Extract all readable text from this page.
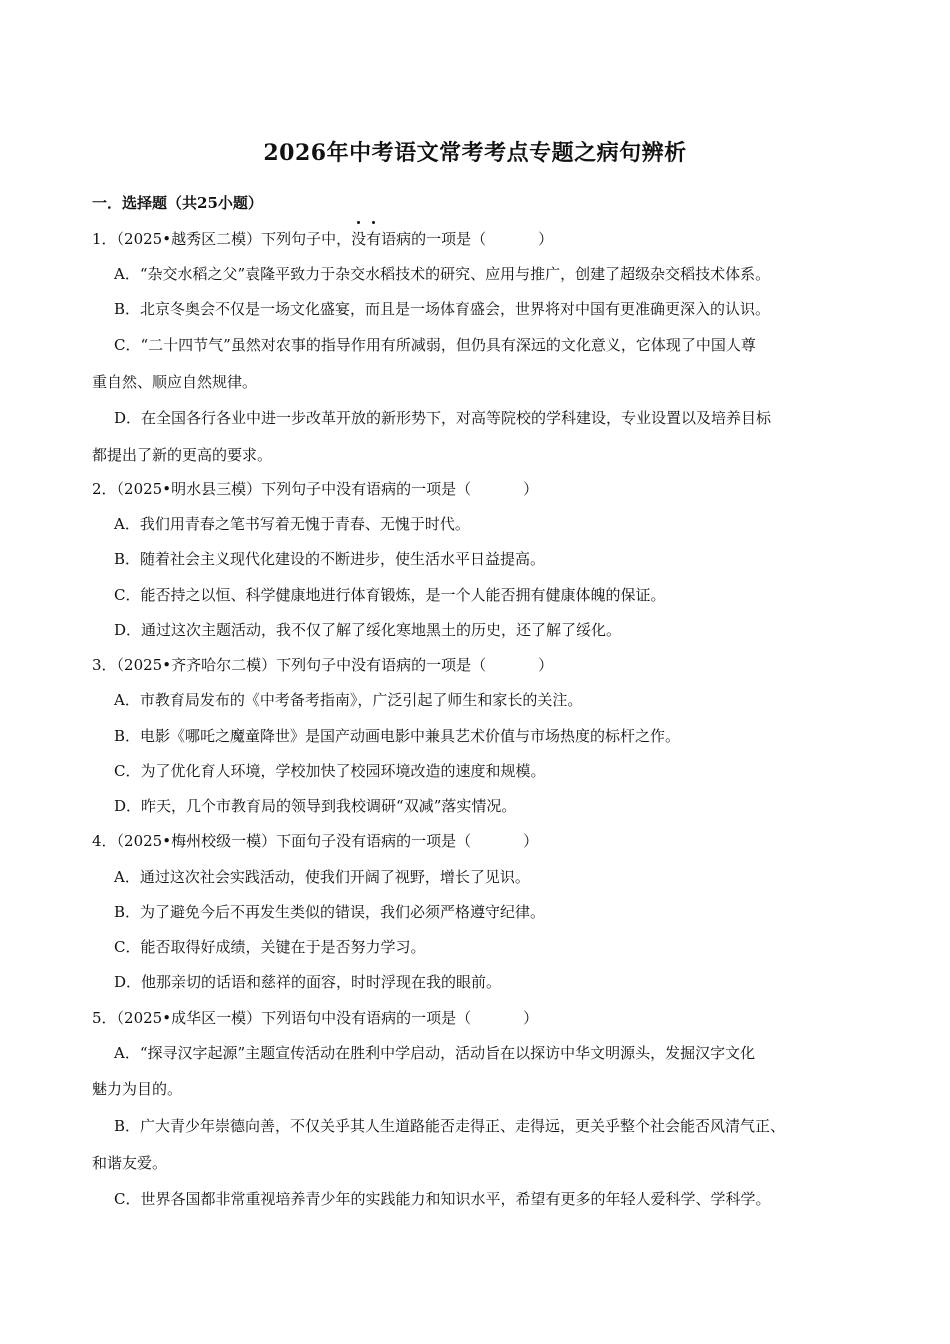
2026年中考语文常考考点专题之病句辨析
一．选择题（共25小题）
1．（2025•越秀区二模）下列句子中，没有语病的一项是（	）
A．“杂交水稻之父”袁隆平致力于杂交水稻技术的研究、应用与推广，创建了超级杂交稻技术体系。
B．北京冬奥会不仅是一场文化盛宴，而且是一场体育盛会，世界将对中国有更准确更深入的认识。
C．“二十四节气”虽然对农事的指导作用有所减弱，但仍具有深远的文化意义，它体现了中国人尊
重自然、顺应自然规律。
D．在全国各行各业中进一步改革开放的新形势下，对高等院校的学科建设，专业设置以及培养目标
都提出了新的更高的要求。
2．（2025•明水县三模）下列句子中没有语病的一项是（	）
A．我们用青春之笔书写着无愧于青春、无愧于时代。
B．随着社会主义现代化建设的不断进步，使生活水平日益提高。
C．能否持之以恒、科学健康地进行体育锻炼，是一个人能否拥有健康体魄的保证。
D．通过这次主题活动，我不仅了解了绥化寒地黑土的历史，还了解了绥化。
3．（2025•齐齐哈尔二模）下列句子中没有语病的一项是（	）
A．市教育局发布的《中考备考指南》，广泛引起了师生和家长的关注。
B．电影《哪吒之魔童降世》是国产动画电影中兼具艺术价值与市场热度的标杆之作。
C．为了优化育人环境，学校加快了校园环境改造的速度和规模。
D．昨天，几个市教育局的领导到我校调研“双减”落实情况。
4．（2025•梅州校级一模）下面句子没有语病的一项是（	）
A．通过这次社会实践活动，使我们开阔了视野，增长了见识。
B．为了避免今后不再发生类似的错误，我们必须严格遵守纪律。
C．能否取得好成绩，关键在于是否努力学习。
D．他那亲切的话语和慈祥的面容，时时浮现在我的眼前。
5．（2025•成华区一模）下列语句中没有语病的一项是（	）
A．“探寻汉字起源”主题宣传活动在胜利中学启动，活动旨在以探访中华文明源头，发掘汉字文化
魅力为目的。
B．广大青少年崇德向善，不仅关乎其人生道路能否走得正、走得远，更关乎整个社会能否风清气正、
和谐友爱。
C．世界各国都非常重视培养青少年的实践能力和知识水平，希望有更多的年轻人爱科学、学科学。
